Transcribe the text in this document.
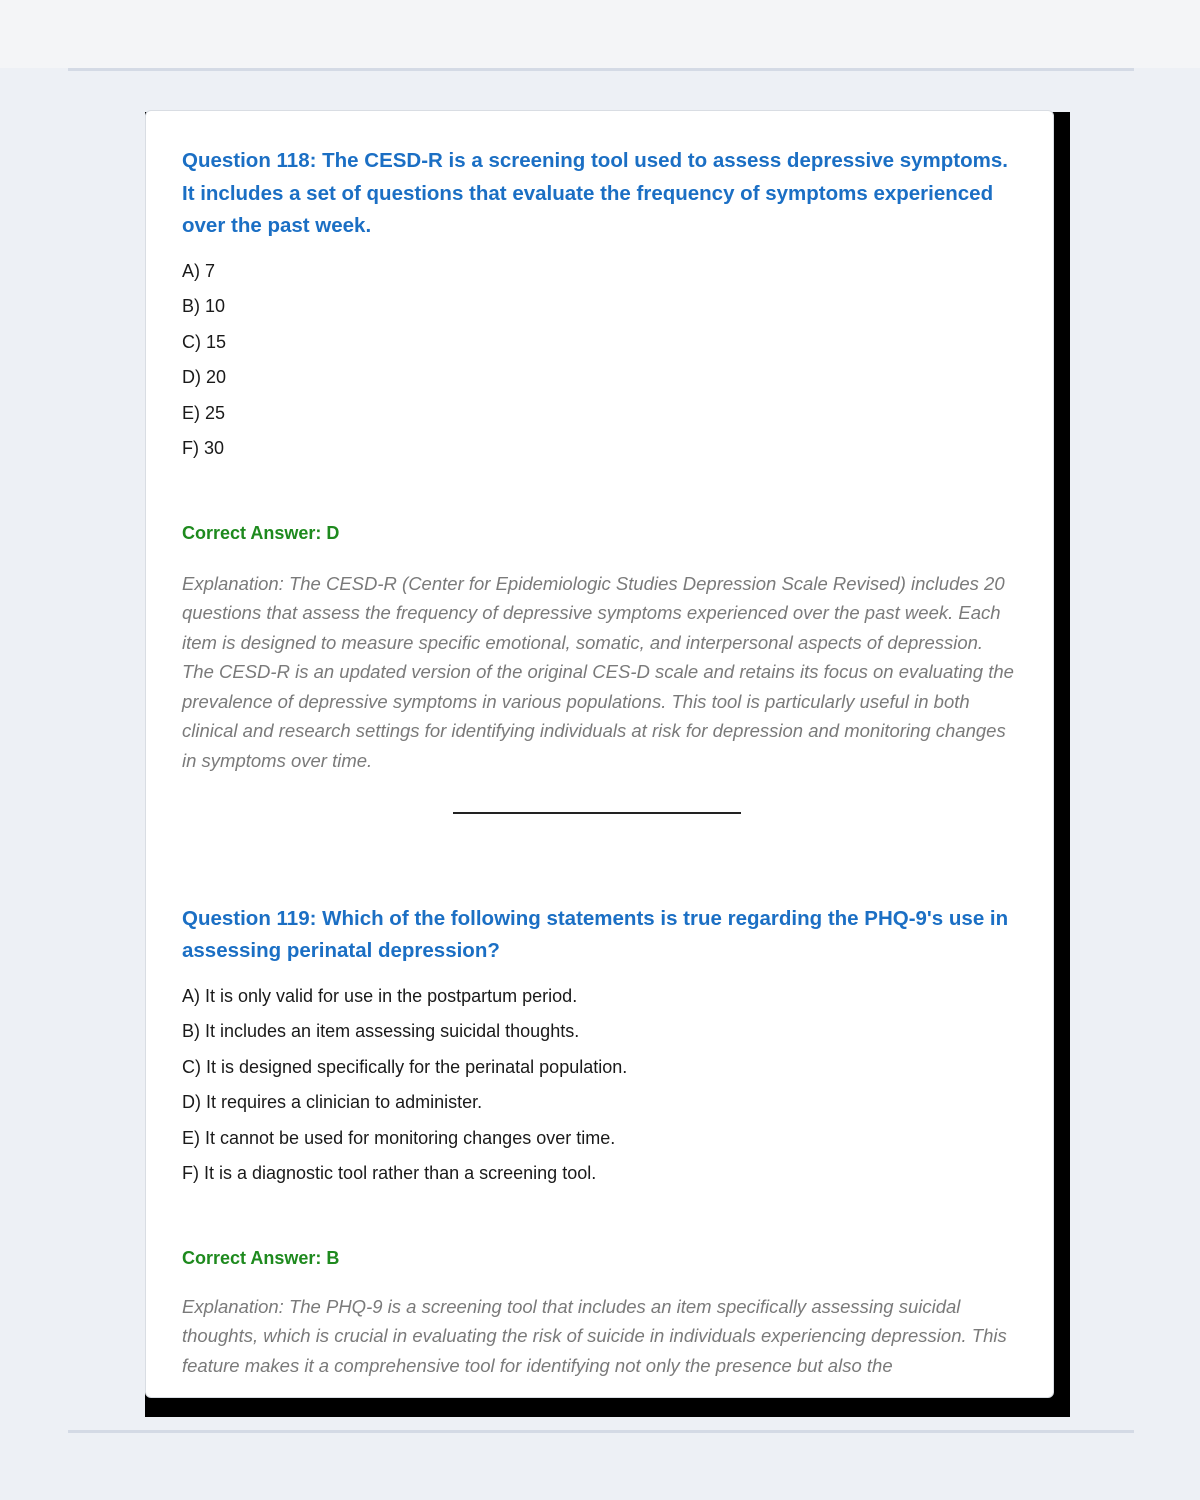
Question 118: The CESD-R is a screening tool used to assess depressive symptoms. It includes a set of questions that evaluate the frequency of symptoms experienced over the past week.

A) 7
B) 10
C) 15
D) 20
E) 25
F) 30
Correct Answer: D

Explanation: The CESD-R (Center for Epidemiologic Studies Depression Scale Revised) includes 20 questions that assess the frequency of depressive symptoms experienced over the past week. Each item is designed to measure specific emotional, somatic, and interpersonal aspects of depression. The CESD-R is an updated version of the original CES-D scale and retains its focus on evaluating the prevalence of depressive symptoms in various populations. This tool is particularly useful in both clinical and research settings for identifying individuals at risk for depression and monitoring changes in symptoms over time.

Question 119: Which of the following statements is true regarding the PHQ-9's use in assessing perinatal depression?

A) It is only valid for use in the postpartum period.
B) It includes an item assessing suicidal thoughts.
C) It is designed specifically for the perinatal population.
D) It requires a clinician to administer.
E) It cannot be used for monitoring changes over time.
F) It is a diagnostic tool rather than a screening tool.
Correct Answer: B

Explanation: The PHQ-9 is a screening tool that includes an item specifically assessing suicidal thoughts, which is crucial in evaluating the risk of suicide in individuals experiencing depression. This feature makes it a comprehensive tool for identifying not only the presence but also the
